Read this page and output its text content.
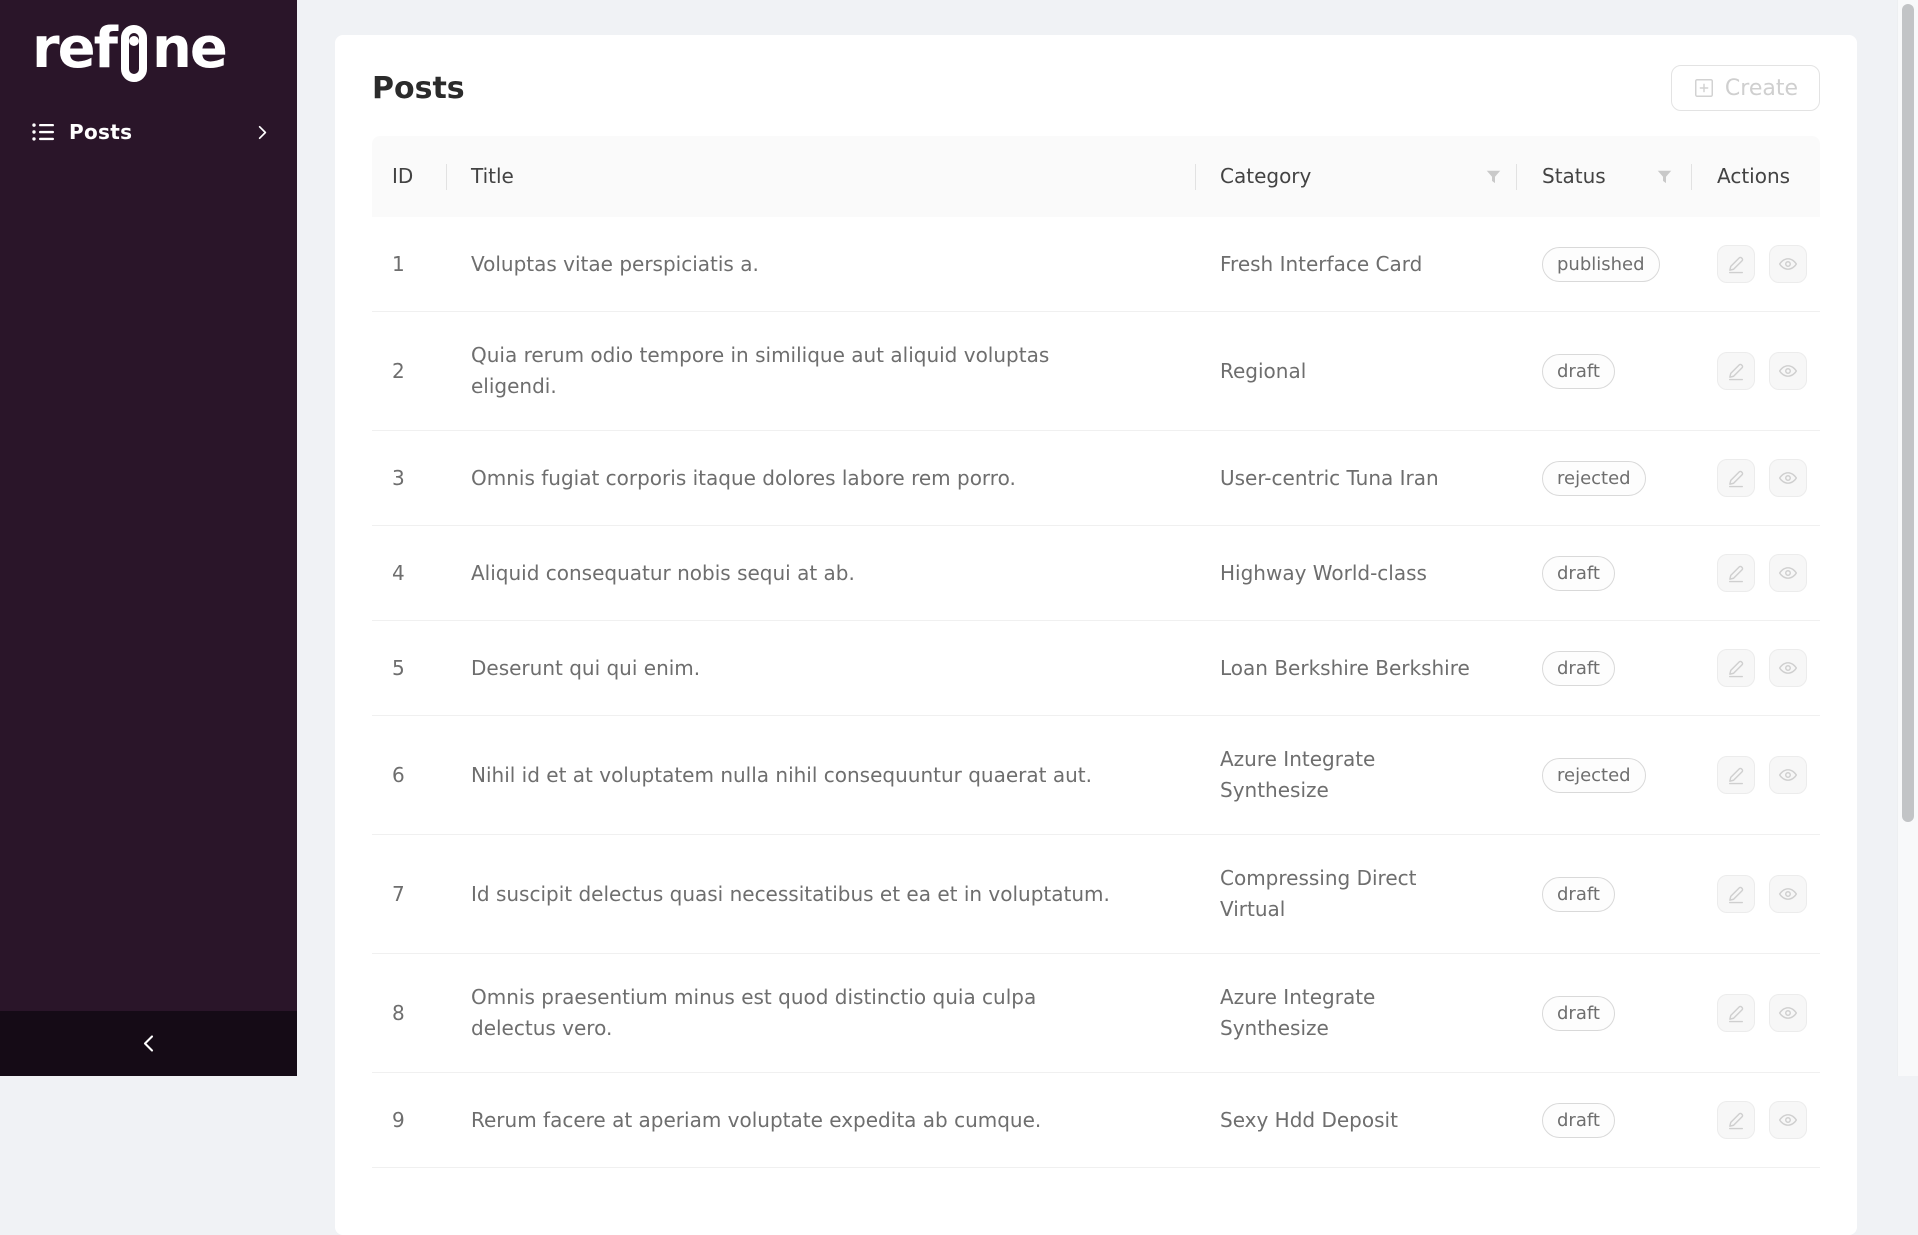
ref ne
Posts
Posts	Create
ID	Title	Category	Status	Actions
1	Voluptas vitae perspiciatis a.	Fresh Interface Card	published	

2	Quia rerum odio tempore in similique aut aliquid voluptas eligendi.	Regional	draft	

3	Omnis fugiat corporis itaque dolores labore rem porro.	User-centric Tuna Iran	rejected	

4	Aliquid consequatur nobis sequi at ab.	Highway World-class	draft	

5	Deserunt qui qui enim.	Loan Berkshire Berkshire	draft	

6	Nihil id et at voluptatem nulla nihil consequuntur quaerat aut.	Azure Integrate Synthesize	rejected	

7	Id suscipit delectus quasi necessitatibus et ea et in voluptatum.	Compressing Direct Virtual	draft	

8	Omnis praesentium minus est quod distinctio quia culpa delectus vero.	Azure Integrate Synthesize	draft	

9	Rerum facere at aperiam voluptate expedita ab cumque.	Sexy Hdd Deposit	draft	
